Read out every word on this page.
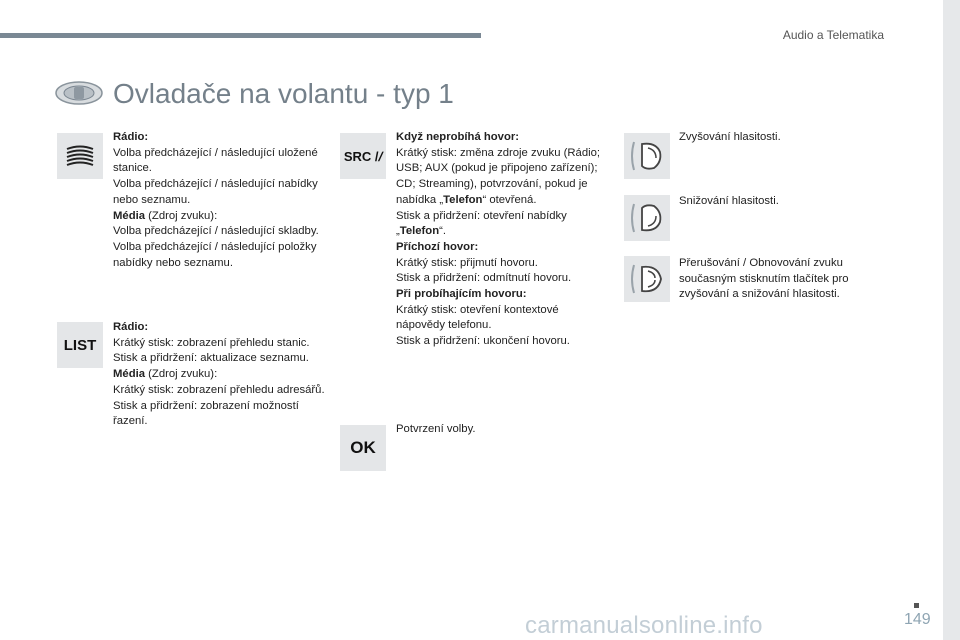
Audio a Telematika
Ovladače na volantu - typ 1
LIST

Rádio:

Volba předcházející / následující uložené stanice.

Volba předcházející / následující nabídky nebo seznamu.

Média (Zdroj zvuku):

Volba předcházející / následující skladby.

Volba předcházející / následující položky nabídky nebo seznamu.

Rádio:

Krátký stisk: zobrazení přehledu stanic.

Stisk a přidržení: aktualizace seznamu.

Média (Zdroj zvuku):

Krátký stisk: zobrazení přehledu adresářů.

Stisk a přidržení: zobrazení možností řazení.

SRC //
OK

Když neprobíhá hovor:

Krátký stisk: změna zdroje zvuku (Rádio; USB; AUX (pokud je připojeno zařízení); CD; Streaming), potvrzování, pokud je nabídka „Telefon“ otevřená.

Stisk a přidržení: otevření nabídky „Telefon“.

Příchozí hovor:

Krátký stisk: přijmutí hovoru.

Stisk a přidržení: odmítnutí hovoru.

Při probíhajícím hovoru:

Krátký stisk: otevření kontextové nápovědy telefonu.

Stisk a přidržení: ukončení hovoru.

Potvrzení volby.

Zvyšování hlasitosti.
Snižování hlasitosti.
Přerušování / Obnovování zvuku současným stisknutím tlačítek pro zvyšování a snižování hlasitosti.
carmanualsonline.info	149
